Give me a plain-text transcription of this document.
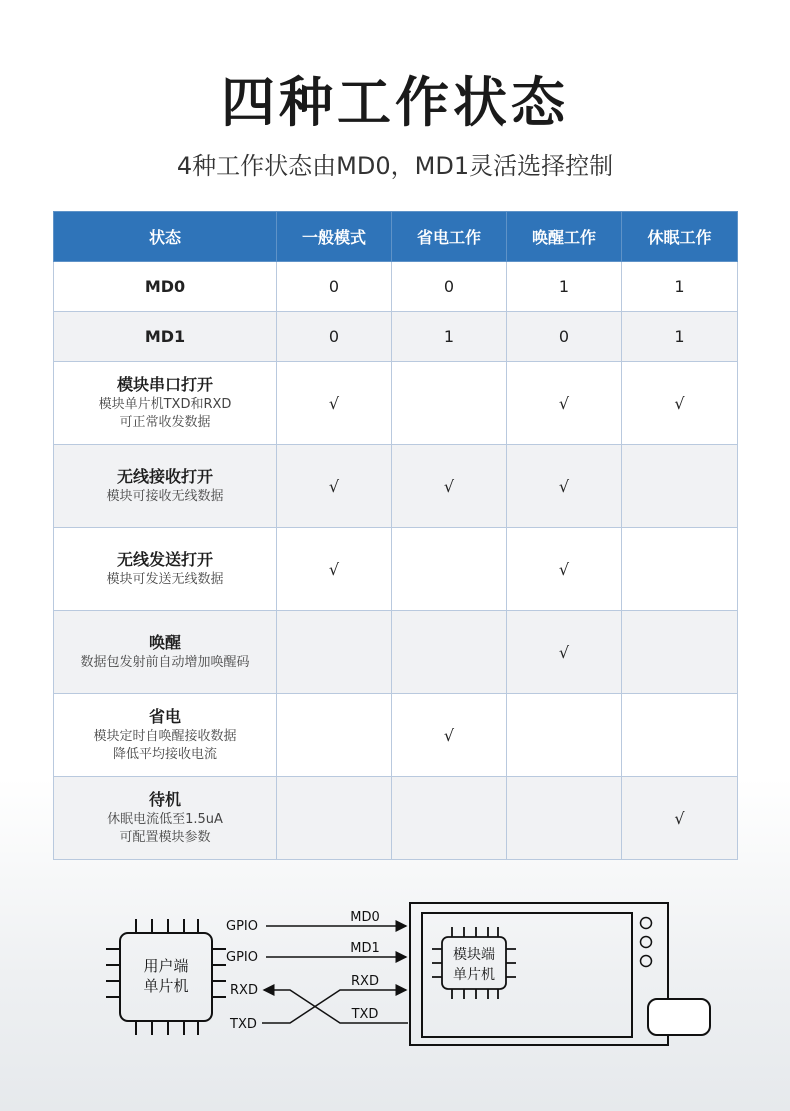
四种工作状态
4种工作状态由MD0，MD1灵活选择控制
状态	一般模式	省电工作	唤醒工作	休眠工作
MD0	0	0	1	1
MD1	0	1	0	1

模块串口打开
模块单片机TXD和RXD
可正常收发数据	√		√	√

无线接收打开
模块可接收无线数据	√	√	√	

无线发送打开
模块可发送无线数据	√		√	

唤醒
数据包发射前自动增加唤醒码			√	

省电
模块定时自唤醒接收数据
降低平均接收电流		√		

待机
休眠电流低至1.5uA
可配置模块参数				√
用户端
单片机
GPIO
GPIO
RXD
TXD
MD0
MD1
RXD
TXD
模块端
单片机
